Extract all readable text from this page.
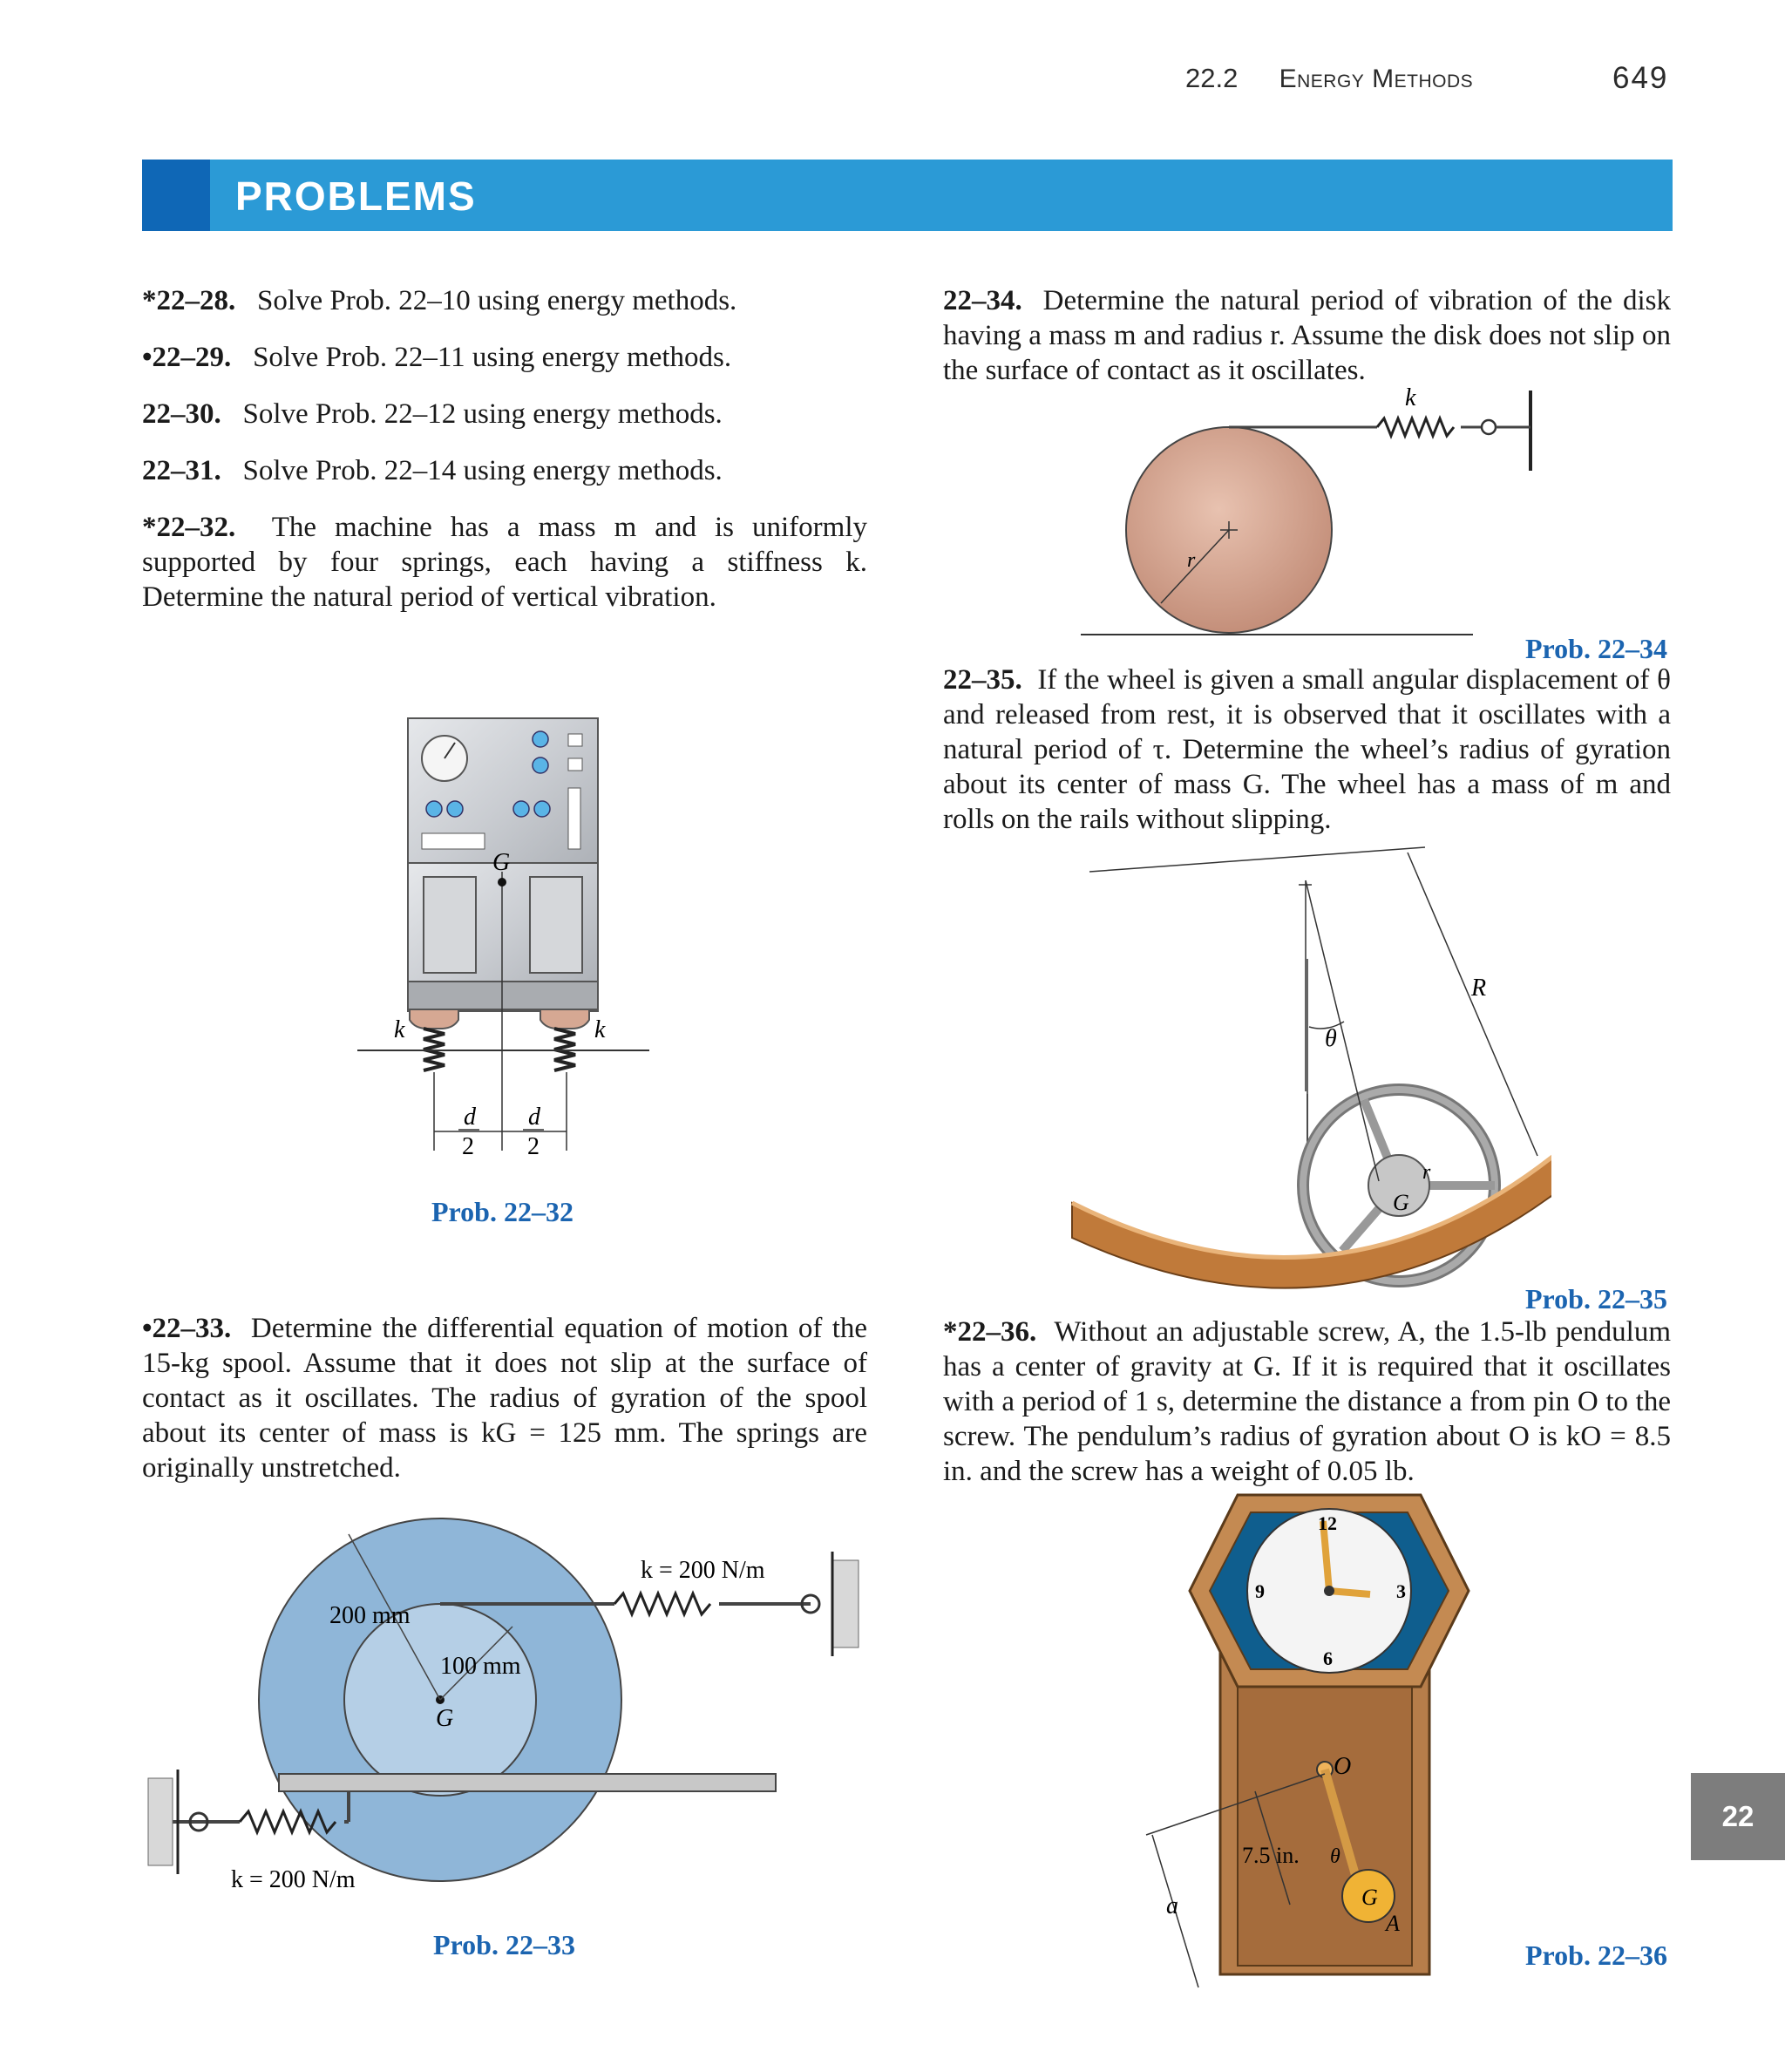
22.2 Energy Methods	649
PROBLEMS
*22–28. Solve Prob. 22–10 using energy methods.
•22–29. Solve Prob. 22–11 using energy methods.
22–30. Solve Prob. 22–12 using energy methods.
22–31. Solve Prob. 22–14 using energy methods.
*22–32. The machine has a mass m and is uniformly supported by four springs, each having a stiffness k. Determine the natural period of vertical vibration.
G
k	k
d
2
d
2
Prob. 22–32
•22–33. Determine the differential equation of motion of the 15-kg spool. Assume that it does not slip at the surface of contact as it oscillates. The radius of gyration of the spool about its center of mass is kG = 125 mm. The springs are originally unstretched.
200 mm
100 mm
G
k = 200 N/m
k = 200 N/m
Prob. 22–33
22–34. Determine the natural period of vibration of the disk having a mass m and radius r. Assume the disk does not slip on the surface of contact as it oscillates.
k
r
Prob. 22–34
22–35. If the wheel is given a small angular displacement of θ and released from rest, it is observed that it oscillates with a natural period of τ. Determine the wheel’s radius of gyration about its center of mass G. The wheel has a mass of m and rolls on the rails without slipping.
R
θ
r
G
Prob. 22–35
*22–36. Without an adjustable screw, A, the 1.5-lb pendulum has a center of gravity at G. If it is required that it oscillates with a period of 1 s, determine the distance a from pin O to the screw. The pendulum’s radius of gyration about O is kO = 8.5 in. and the screw has a weight of 0.05 lb.
12
3
6
9
O
G
A
a
7.5 in. θ
Prob. 22–36
22
